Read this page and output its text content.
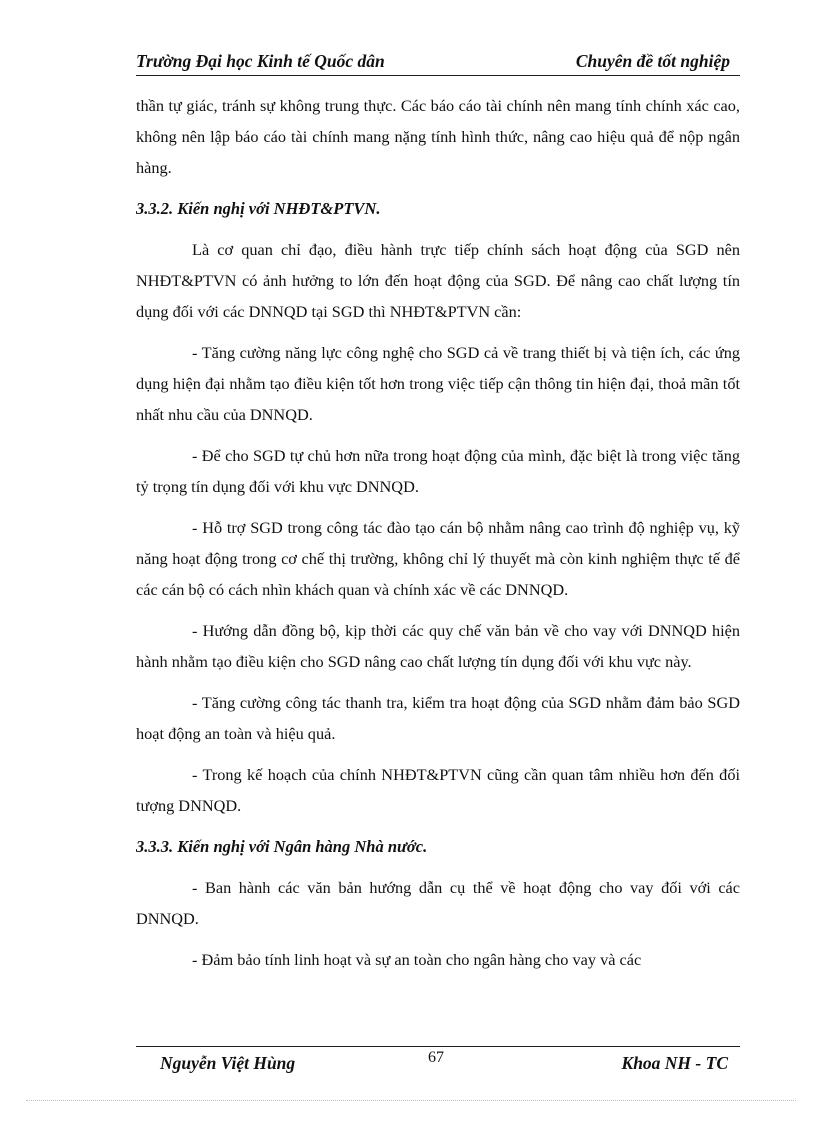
Trường Đại học Kinh tế Quốc dân	Chuyên đề tốt nghiệp

thần tự giác, tránh sự không trung thực. Các báo cáo tài chính nên mang tính chính xác cao, không nên lập báo cáo tài chính mang nặng tính hình thức, nâng cao hiệu quả để nộp ngân hàng.

3.3.2. Kiến nghị với NHĐT&PTVN.

Là cơ quan chỉ đạo, điều hành trực tiếp chính sách hoạt động của SGD nên NHĐT&PTVN có ảnh hưởng to lớn đến hoạt động của SGD. Để nâng cao chất lượng tín dụng đối với các DNNQD tại SGD thì NHĐT&PTVN cần:

- Tăng cường năng lực công nghệ cho SGD cả về trang thiết bị và tiện ích, các ứng dụng hiện đại nhằm tạo điều kiện tốt hơn trong việc tiếp cận thông tin hiện đại, thoả mãn tốt nhất nhu cầu của DNNQD.

- Để cho SGD tự chủ hơn nữa trong hoạt động của mình, đặc biệt là trong việc tăng tỷ trọng tín dụng đối với khu vực DNNQD.

- Hỗ trợ SGD trong công tác đào tạo cán bộ nhằm nâng cao trình độ nghiệp vụ, kỹ năng hoạt động trong cơ chế thị trường, không chỉ lý thuyết mà còn kinh nghiệm thực tế để các cán bộ có cách nhìn khách quan và chính xác về các DNNQD.

- Hướng dẫn đồng bộ, kịp thời các quy chế văn bản về cho vay với DNNQD hiện hành nhằm tạo điều kiện cho SGD nâng cao chất lượng tín dụng đối với khu vực này.

- Tăng cường công tác thanh tra, kiểm tra hoạt động của SGD nhằm đảm bảo SGD hoạt động an toàn và hiệu quả.

- Trong kế hoạch của chính NHĐT&PTVN cũng cần quan tâm nhiều hơn đến đối tượng DNNQD.

3.3.3. Kiến nghị với Ngân hàng Nhà nước.

- Ban hành các văn bản hướng dẫn cụ thể về hoạt động cho vay đối với các DNNQD.

- Đảm bảo tính linh hoạt và sự an toàn cho ngân hàng cho vay và các

Nguyễn Việt Hùng	67	Khoa NH - TC
